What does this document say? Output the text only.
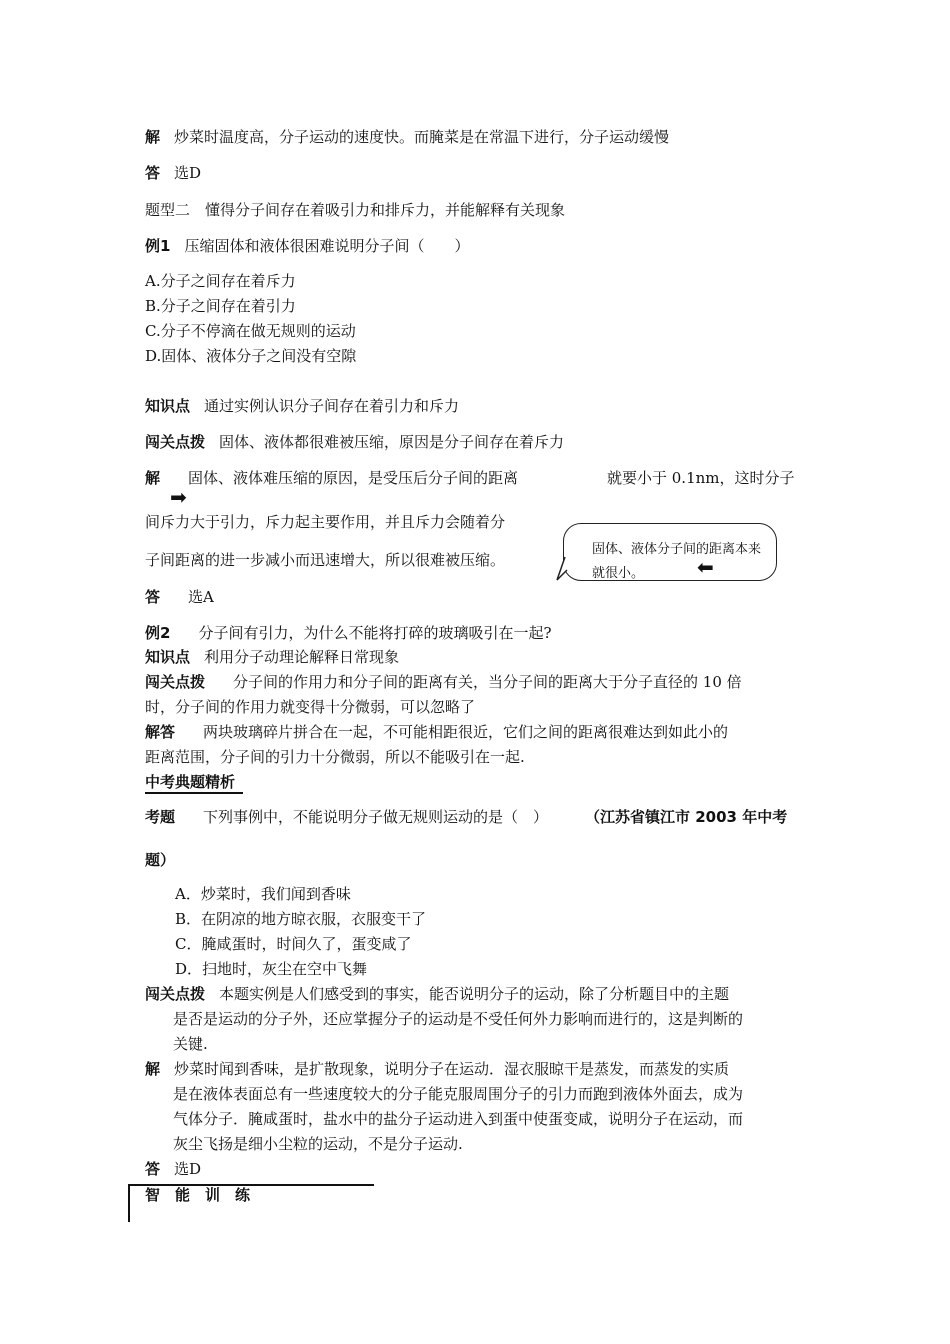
解 炒菜时温度高，分子运动的速度快。而腌菜是在常温下进行，分子运动缓慢
答 选D
题型二　懂得分子间存在着吸引力和排斥力，并能解释有关现象
例1 压缩固体和液体很困难说明分子间（　　）
A.分子之间存在着斥力
B.分子之间存在着引力
C.分子不停滴在做无规则的运动
D.固体、液体分子之间没有空隙
知识点 通过实例认识分子间存在着引力和斥力
闯关点拨 固体、液体都很难被压缩，原因是分子间存在着斥力
解 固体、液体难压缩的原因，是受压后分子间的距离	就要小于 0.1nm，这时分子
➡
间斥力大于引力，斥力起主要作用，并且斥力会随着分
子间距离的进一步减小而迅速增大，所以很难被压缩。
固体、液体分子间的距离本来就很小。	⬅
答 选A
例2 分子间有引力，为什么不能将打碎的玻璃吸引在一起?
知识点 利用分子动理论解释日常现象
闯关点拨 分子间的作用力和分子间的距离有关，当分子间的距离大于分子直径的 10 倍
时，分子间的作用力就变得十分微弱，可以忽略了
解答 两块玻璃碎片拼合在一起，不可能相距很近，它们之间的距离很难达到如此小的
距离范围，分子间的引力十分微弱，所以不能吸引在一起.
中考典题精析
考题 下列事例中，不能说明分子做无规则运动的是（　） （江苏省镇江市 2003 年中考
题）
A．炒菜时，我们闻到香味
B．在阴凉的地方晾衣服，衣服变干了
C．腌咸蛋时，时间久了，蛋变咸了
D．扫地时，灰尘在空中飞舞
闯关点拨 本题实例是人们感受到的事实，能否说明分子的运动，除了分析题目中的主题
是否是运动的分子外，还应掌握分子的运动是不受任何外力影响而进行的，这是判断的
关键.
解 炒菜时闻到香味，是扩散现象，说明分子在运动．湿衣服晾干是蒸发，而蒸发的实质
是在液体表面总有一些速度较大的分子能克服周围分子的引力而跑到液体外面去，成为
气体分子．腌咸蛋时，盐水中的盐分子运动进入到蛋中使蛋变咸，说明分子在运动，而
灰尘飞扬是细小尘粒的运动，不是分子运动.
答 选D
智　能　训　练
